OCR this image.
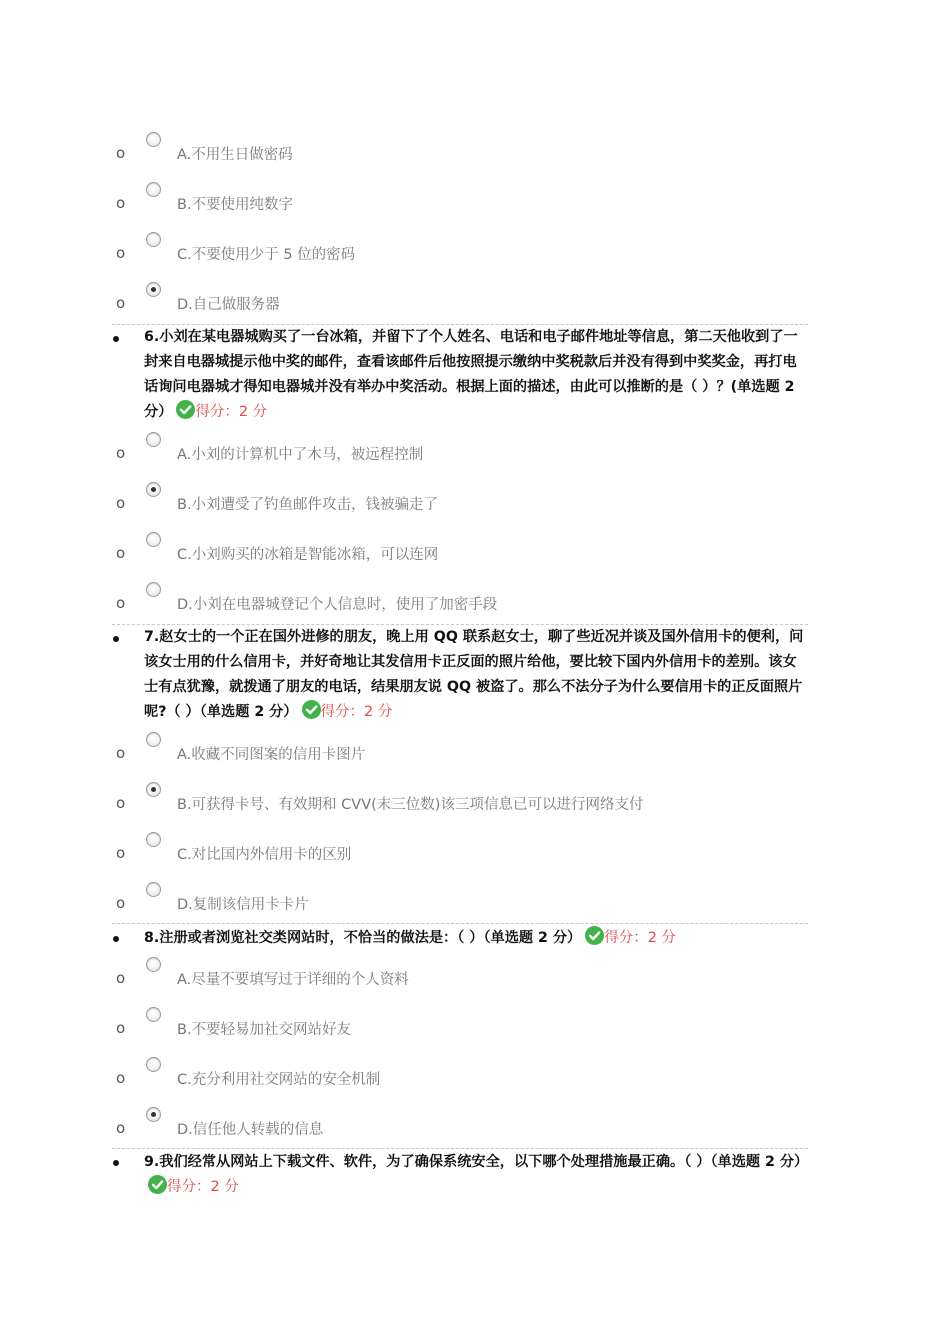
o	A.不用生日做密码
o	B.不要使用纯数字
o	C.不要使用少于 5 位的密码
o	D.自己做服务器

6.小刘在某电器城购买了一台冰箱，并留下了个人姓名、电话和电子邮件地址等信息，第二天他收到了一封来自电器城提示他中奖的邮件，查看该邮件后他按照提示缴纳中奖税款后并没有得到中奖奖金，再打电话询问电器城才得知电器城并没有举办中奖活动。根据上面的描述，由此可以推断的是（ ）？(单选题 2 分） 得分：2 分

o	A.小刘的计算机中了木马，被远程控制
o	B.小刘遭受了钓鱼邮件攻击，钱被骗走了
o	C.小刘购买的冰箱是智能冰箱，可以连网
o	D.小刘在电器城登记个人信息时，使用了加密手段

7.赵女士的一个正在国外进修的朋友，晚上用 QQ 联系赵女士，聊了些近况并谈及国外信用卡的便利，问该女士用的什么信用卡，并好奇地让其发信用卡正反面的照片给他，要比较下国内外信用卡的差别。该女士有点犹豫，就拨通了朋友的电话，结果朋友说 QQ 被盗了。那么不法分子为什么要信用卡的正反面照片呢?（ ）（单选题 2 分） 得分：2 分

o	A.收藏不同图案的信用卡图片
o	B.可获得卡号、有效期和 CVV(末三位数)该三项信息已可以进行网络支付
o	C.对比国内外信用卡的区别
o	D.复制该信用卡卡片

8.注册或者浏览社交类网站时，不恰当的做法是：（ ）（单选题 2 分） 得分：2 分

o	A.尽量不要填写过于详细的个人资料
o	B.不要轻易加社交网站好友
o	C.充分利用社交网站的安全机制
o	D.信任他人转载的信息

9.我们经常从网站上下载文件、软件，为了确保系统安全，以下哪个处理措施最正确。（ ）（单选题 2 分）
得分：2 分
